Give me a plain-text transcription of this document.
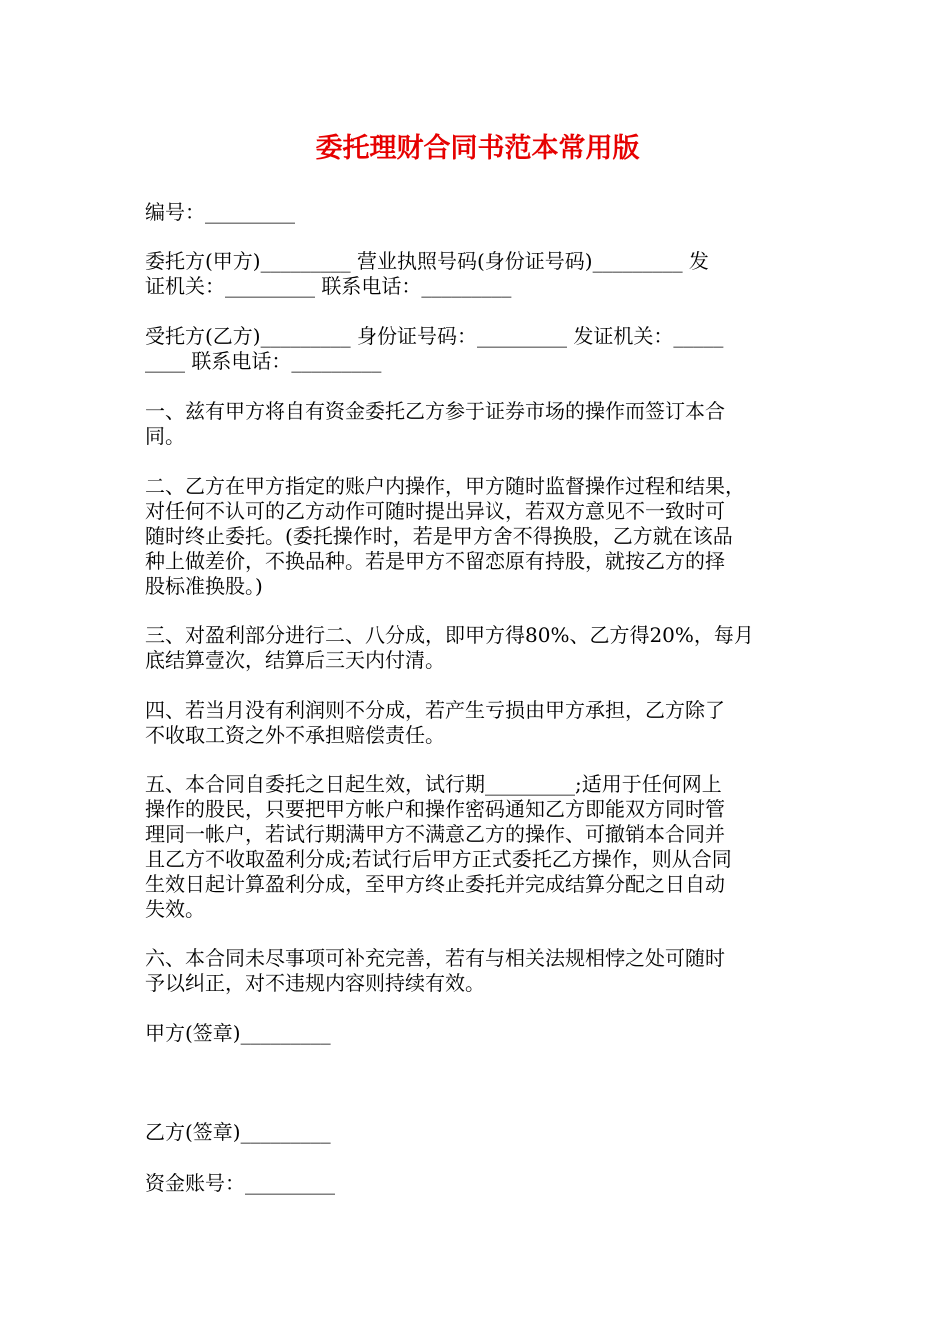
委托理财合同书范本常用版

编号：_________

委托方(甲方)_________ 营业执照号码(身份证号码)_________ 发
证机关：_________ 联系电话：_________

受托方(乙方)_________ 身份证号码：_________ 发证机关：_____
____ 联系电话：_________

一、兹有甲方将自有资金委托乙方参于证券市场的操作而签订本合
同。

二、乙方在甲方指定的账户内操作，甲方随时监督操作过程和结果，
对任何不认可的乙方动作可随时提出异议，若双方意见不一致时可
随时终止委托。(委托操作时，若是甲方舍不得换股，乙方就在该品
种上做差价，不换品种。若是甲方不留恋原有持股，就按乙方的择
股标准换股。)

三、对盈利部分进行二、八分成，即甲方得80%、乙方得20%，每月
底结算壹次，结算后三天内付清。

四、若当月没有利润则不分成，若产生亏损由甲方承担，乙方除了
不收取工资之外不承担赔偿责任。

五、本合同自委托之日起生效，试行期_________;适用于任何网上
操作的股民，只要把甲方帐户和操作密码通知乙方即能双方同时管
理同一帐户，若试行期满甲方不满意乙方的操作、可撤销本合同并
且乙方不收取盈利分成;若试行后甲方正式委托乙方操作，则从合同
生效日起计算盈利分成，至甲方终止委托并完成结算分配之日自动
失效。

六、本合同未尽事项可补充完善，若有与相关法规相悖之处可随时
予以纠正，对不违规内容则持续有效。

甲方(签章)_________

乙方(签章)_________

资金账号：_________
